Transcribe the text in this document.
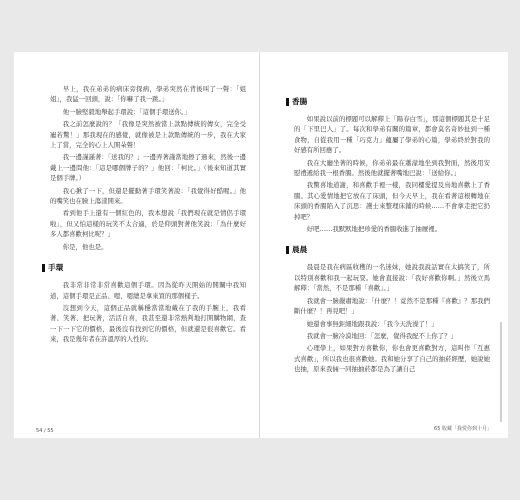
早上，我在弟弟的病床旁探病，學弟突然在背後叫了一聲：「姐姐」，我猛一回頭，說：「你嚇了我一跳。」

他一臉堅毅地舉起手環說：「這個手環送你。」

我之前怎麼說的？「我像是突然被當上款點傳統的傳女，完全受寵若驚！」那我現在的感覺，就像被是上款點傳統的一步，我在大家上了當，完全的心上人開朵聲！

我一邊謹謹著：「送我的？」一邊弄著謹當地擦了過來，然後一邊戴上一邊問他：「這是哪個牌子的？」他回：「柯比。」（後來知道其實是個手牌。）

我心揪了一下，但還是擺動著手環笑著說：「我覺得好酷喔。」他的嘴笑也在臉上蕩漾開來。

看到他手上還有一個紅色的，我本想說「我們現在就是情侶手環啦」，但又怕這樣的玩笑不太合適，於是仰頭對著他笑說：「為什麼好多人都喜歡柯比呢？」

你是，他也是。

手環

我非常非常非常喜歡這個手環。因為從昨天開始的開關中我知道，這個手環是正品、嗯、嗯總是拿來買的那個樣子。

沒想到今天，這個正品就稱穩當當地戴在了我的手腕上，我看著、笑著、把玩著，活活自喜，我甚至還非常熱判地打開購物網，查一下一下它的價格，最後沒有找到它的價格，但就還是很喜歡它。看來，我是幾年者在許溫厚的人性的。

香腸

如果說以前的標題可以解釋上「陽春白雪」，那這個標題其是十足的「下里巴人」了。每次和學弟有關的篇章，都會莫名奇妙扯到一種食物，自從我用一種「巧克力」蘊屬了學弟的心篇，學弟終於對我的好感有所回應了。

我在大廳坐著的時候，你弟弟最在蕭濛地坐到我對面，然後用安慰禮遞給我一根香腸。然後他就擺著嘴地巴說：「送給你。」

我驚喜地道謝，和喜歡手裡一樣，我同樓愛提及鳥地喜歡上了香腸。其心愛情地把它放在了床頭，但今天早上，我在看著這根轉地在床頭的香腸陷入了沉思：護士來整理床鋪的時候……不會拿走把它扔掉吧？

好吧……我默默地把珍愛的香腸收進了抽屜裡。

晨晨

晨晨是我在病區收穫的一名迷妹，她說我說話實在太搞笑了，所以特別喜歡和我一起玩耍。她會直接說：「我好喜歡你啊。」然後立馬解釋：「當然，不是那種「喜歡」。」

我就會一臉嚴肅地說：「什麼？！竟然不是那種『喜歡』？那我們斷什麼？！再見吧！」

她還會事無鉅細地跟我說：「我今天洗澡了！」

我就會一臉冷漠地回：「怎麼，覺得我配不上你了？」

心理學上，如果對方喜歡你，你也會更喜歡對方，這叫作「互惠式喜歡」，所以我也很喜歡她。我和她分享了自己的抽菸經歷，她說她也抽，原來我倆一同抽抽菸都是為了讓自己

65 收藏「我愛你到十月」
54 ∕ 55
